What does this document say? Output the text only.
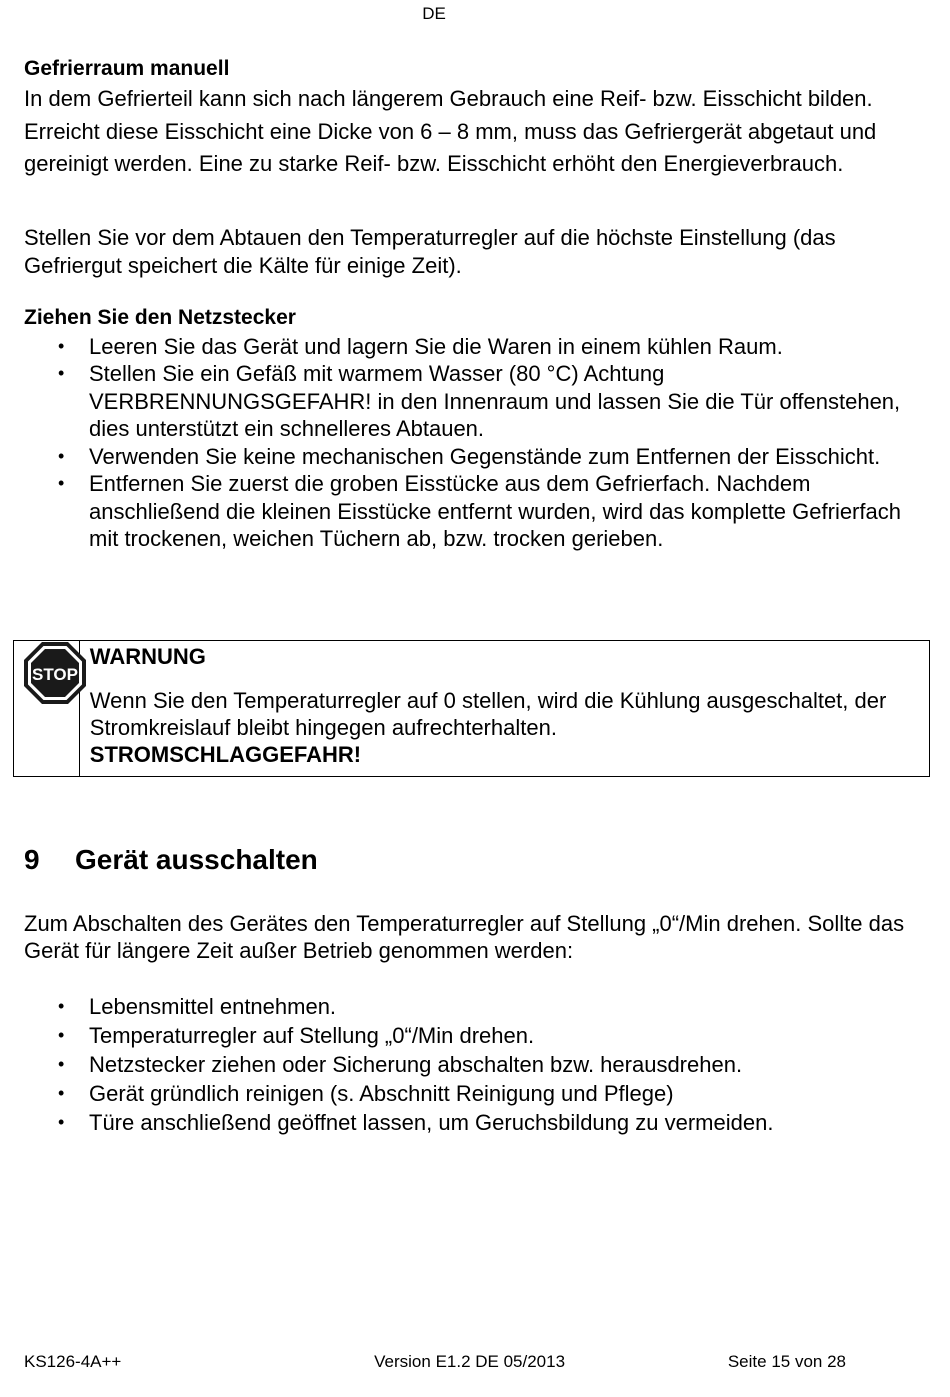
DE

Gefrierraum manuell

In dem Gefrierteil kann sich nach längerem Gebrauch eine Reif- bzw. Eisschicht bilden. Erreicht diese Eisschicht eine Dicke von 6 – 8 mm, muss das Gefriergerät abgetaut und gereinigt werden. Eine zu starke Reif- bzw. Eisschicht erhöht den Energieverbrauch.

Stellen Sie vor dem Abtauen den Temperaturregler auf die höchste Einstellung (das Gefriergut speichert die Kälte für einige Zeit).

Ziehen Sie den Netzstecker

• Leeren Sie das Gerät und lagern Sie die Waren in einem kühlen Raum.
• Stellen Sie ein Gefäß mit warmem Wasser (80 °C) Achtung VERBRENNUNGSGEFAHR! in den Innenraum und lassen Sie die Tür offenstehen, dies unterstützt ein schnelleres Abtauen.
• Verwenden Sie keine mechanischen Gegenstände zum Entfernen der Eisschicht.
• Entfernen Sie zuerst die groben Eisstücke aus dem Gefrierfach. Nachdem anschließend die kleinen Eisstücke entfernt wurden, wird das komplette Gefrierfach mit trockenen, weichen Tüchern ab, bzw. trocken gerieben.
STOP

WARNUNG

Wenn Sie den Temperaturregler auf 0 stellen, wird die Kühlung ausgeschaltet, der Stromkreislauf bleibt hingegen aufrechterhalten.
STROMSCHLAGGEFAHR!

9	Gerät ausschalten

Zum Abschalten des Gerätes den Temperaturregler auf Stellung „0“/Min drehen. Sollte das Gerät für längere Zeit außer Betrieb genommen werden:

• Lebensmittel entnehmen.
• Temperaturregler auf Stellung „0“/Min drehen.
• Netzstecker ziehen oder Sicherung abschalten bzw. herausdrehen.
• Gerät gründlich reinigen (s. Abschnitt Reinigung und Pflege)
• Türe anschließend geöffnet lassen, um Geruchsbildung zu vermeiden.
KS126-4A++	Version E1.2 DE 05/2013	Seite 15 von 28
